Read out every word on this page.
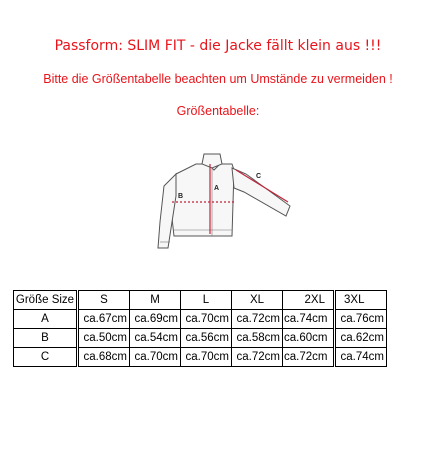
Passform: SLIM FIT - die Jacke fällt klein aus !!!
Bitte die Größentabelle beachten um Umstände zu vermeiden !
Größentabelle:
A
B
C
Größe Size	S	M	L	XL	2XL	3XL
A	ca.67cm	ca.69cm	ca.70cm	ca.72cm	ca.74cm	ca.76cm
B	ca.50cm	ca.54cm	ca.56cm	ca.58cm	ca.60cm	ca.62cm
C	ca.68cm	ca.70cm	ca.70cm	ca.72cm	ca.72cm	ca.74cm
